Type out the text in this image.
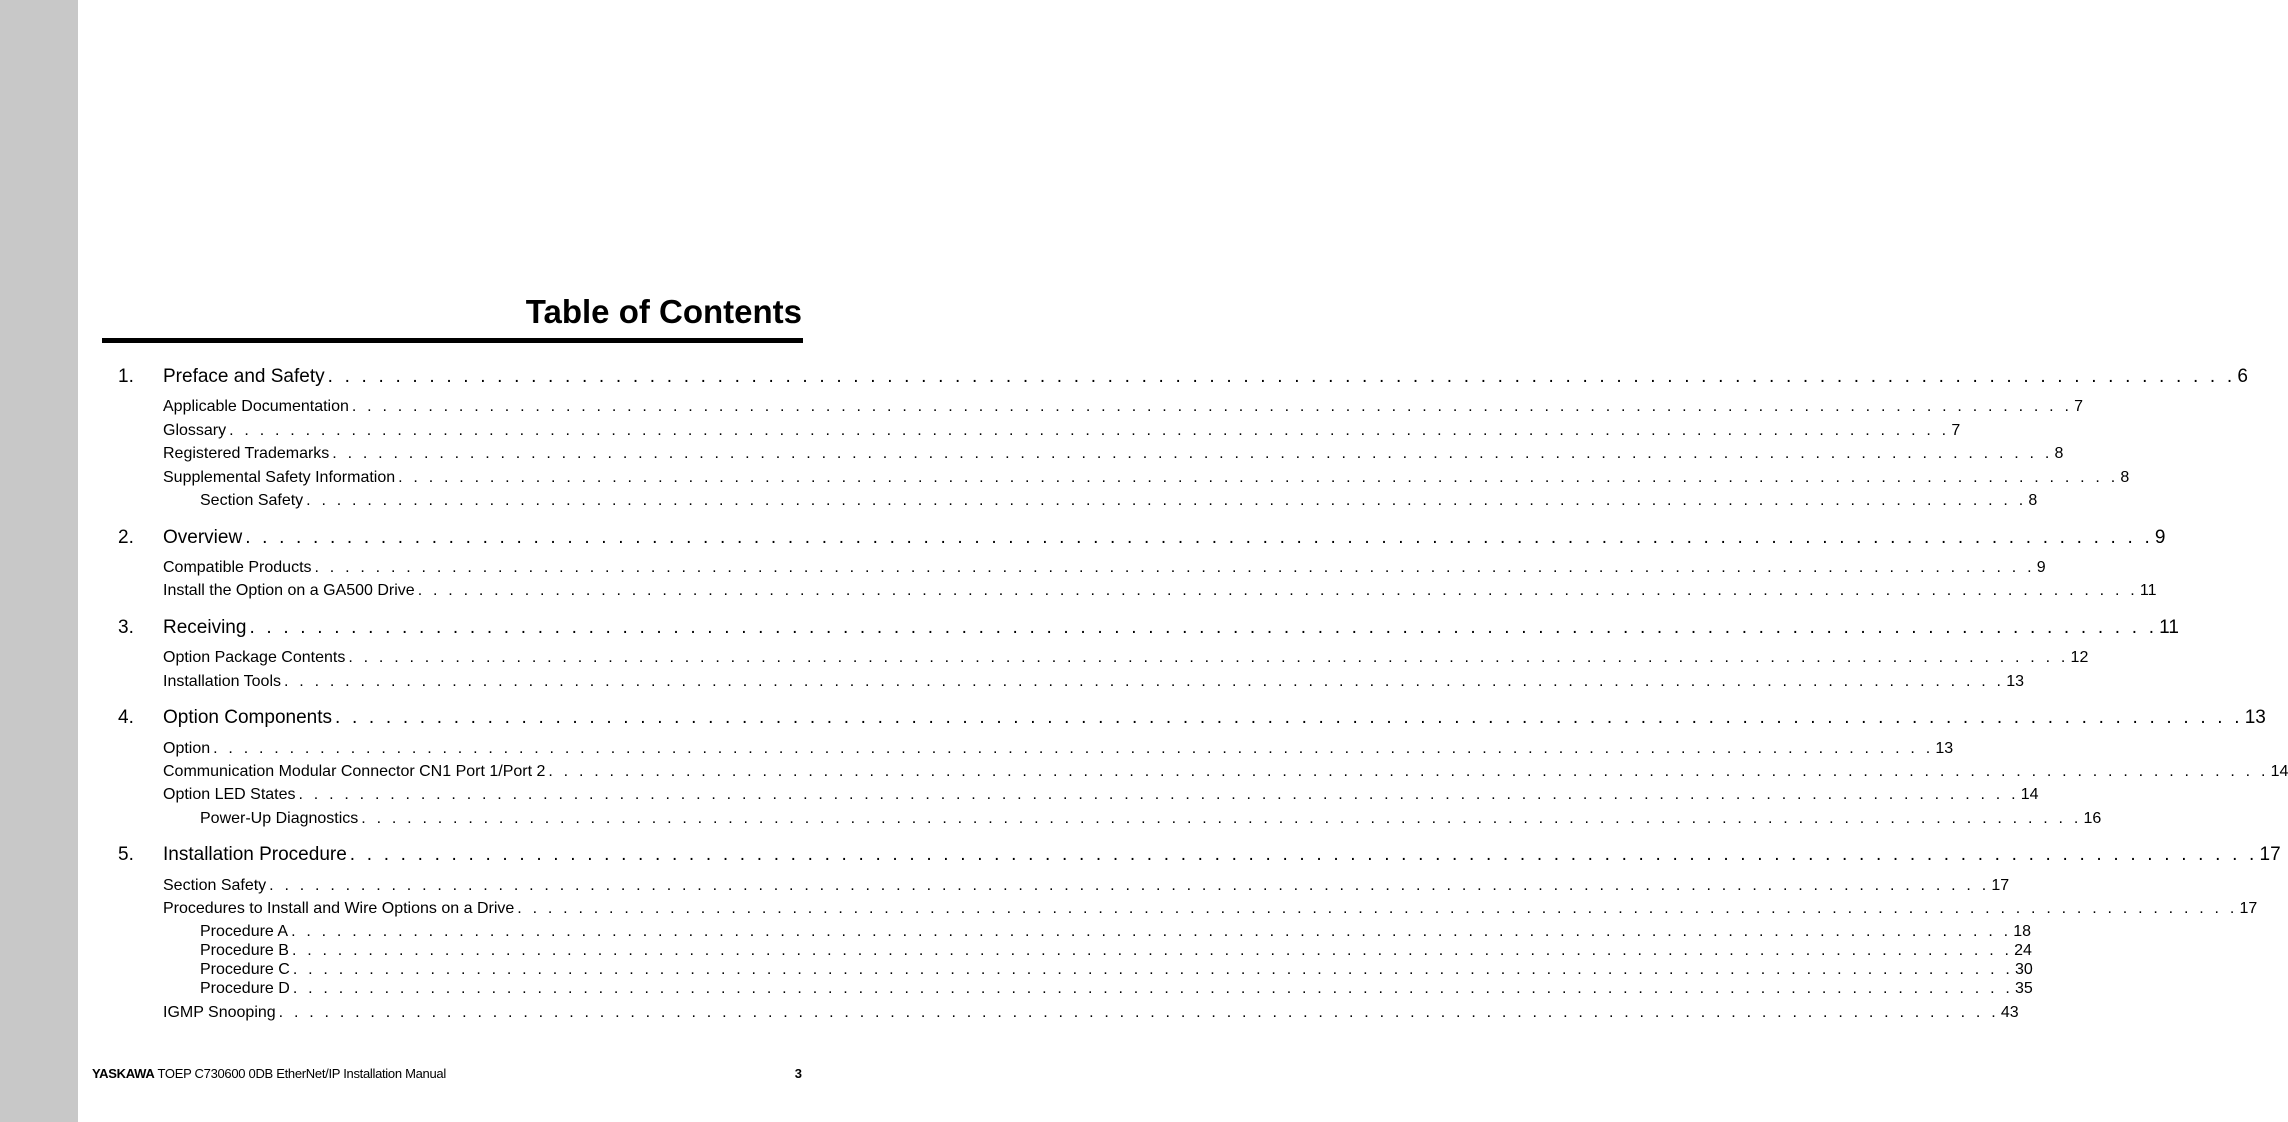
Table of Contents
1. Preface and Safety . . . . . . . . . . . . . . . . . . . . . . . . . . . . . . . . . . . . . . . . . . . . . . . . . . . . . . . . . . . . . . . . . . . . . . . . . . . . . . . . . . . . . . . . . . . . . . . . . . . . . . . . . . . . . . . . . 6
Applicable Documentation . . . . . . . . . . . . . . . . . . . . . . . . . . . . . . . . . . . . . . . . . . . . . . . . . . . . . . . . . . . . . . . . . . . . . . . . . . . . . . . . . . . . . . . . . . . . . . . . . . . . . . . . . . . . . . . . . 7
Glossary . . . . . . . . . . . . . . . . . . . . . . . . . . . . . . . . . . . . . . . . . . . . . . . . . . . . . . . . . . . . . . . . . . . . . . . . . . . . . . . . . . . . . . . . . . . . . . . . . . . . . . . . . . . . . . . . . 7
Registered Trademarks . . . . . . . . . . . . . . . . . . . . . . . . . . . . . . . . . . . . . . . . . . . . . . . . . . . . . . . . . . . . . . . . . . . . . . . . . . . . . . . . . . . . . . . . . . . . . . . . . . . . . . . . . . . . . . . . . 8
Supplemental Safety Information . . . . . . . . . . . . . . . . . . . . . . . . . . . . . . . . . . . . . . . . . . . . . . . . . . . . . . . . . . . . . . . . . . . . . . . . . . . . . . . . . . . . . . . . . . . . . . . . . . . . . . . . . . . . . . . . . 8
Section Safety . . . . . . . . . . . . . . . . . . . . . . . . . . . . . . . . . . . . . . . . . . . . . . . . . . . . . . . . . . . . . . . . . . . . . . . . . . . . . . . . . . . . . . . . . . . . . . . . . . . . . . . . . . . . . . . . . 8
2. Overview . . . . . . . . . . . . . . . . . . . . . . . . . . . . . . . . . . . . . . . . . . . . . . . . . . . . . . . . . . . . . . . . . . . . . . . . . . . . . . . . . . . . . . . . . . . . . . . . . . . . . . . . . . . . . . . . . 9
Compatible Products . . . . . . . . . . . . . . . . . . . . . . . . . . . . . . . . . . . . . . . . . . . . . . . . . . . . . . . . . . . . . . . . . . . . . . . . . . . . . . . . . . . . . . . . . . . . . . . . . . . . . . . . . . . . . . . . . 9
Install the Option on a GA500 Drive . . . . . . . . . . . . . . . . . . . . . . . . . . . . . . . . . . . . . . . . . . . . . . . . . . . . . . . . . . . . . . . . . . . . . . . . . . . . . . . . . . . . . . . . . . . . . . . . . . . . . . . . . . . . . . . . . 11
3. Receiving . . . . . . . . . . . . . . . . . . . . . . . . . . . . . . . . . . . . . . . . . . . . . . . . . . . . . . . . . . . . . . . . . . . . . . . . . . . . . . . . . . . . . . . . . . . . . . . . . . . . . . . . . . . . . . . . . 11
Option Package Contents . . . . . . . . . . . . . . . . . . . . . . . . . . . . . . . . . . . . . . . . . . . . . . . . . . . . . . . . . . . . . . . . . . . . . . . . . . . . . . . . . . . . . . . . . . . . . . . . . . . . . . . . . . . . . . . . . 12
Installation Tools . . . . . . . . . . . . . . . . . . . . . . . . . . . . . . . . . . . . . . . . . . . . . . . . . . . . . . . . . . . . . . . . . . . . . . . . . . . . . . . . . . . . . . . . . . . . . . . . . . . . . . . . . . . . . . . . . 13
4. Option Components . . . . . . . . . . . . . . . . . . . . . . . . . . . . . . . . . . . . . . . . . . . . . . . . . . . . . . . . . . . . . . . . . . . . . . . . . . . . . . . . . . . . . . . . . . . . . . . . . . . . . . . . . . . . . . . . . 13
Option . . . . . . . . . . . . . . . . . . . . . . . . . . . . . . . . . . . . . . . . . . . . . . . . . . . . . . . . . . . . . . . . . . . . . . . . . . . . . . . . . . . . . . . . . . . . . . . . . . . . . . . . . . . . . . . . . 13
Communication Modular Connector CN1 Port 1/Port 2 . . . . . . . . . . . . . . . . . . . . . . . . . . . . . . . . . . . . . . . . . . . . . . . . . . . . . . . . . . . . . . . . . . . . . . . . . . . . . . . . . . . . . . . . . . . . . . . . . . . . . . . . . . . . . . . . . 14
Option LED States . . . . . . . . . . . . . . . . . . . . . . . . . . . . . . . . . . . . . . . . . . . . . . . . . . . . . . . . . . . . . . . . . . . . . . . . . . . . . . . . . . . . . . . . . . . . . . . . . . . . . . . . . . . . . . . . . 14
Power-Up Diagnostics . . . . . . . . . . . . . . . . . . . . . . . . . . . . . . . . . . . . . . . . . . . . . . . . . . . . . . . . . . . . . . . . . . . . . . . . . . . . . . . . . . . . . . . . . . . . . . . . . . . . . . . . . . . . . . . . . 16
5. Installation Procedure . . . . . . . . . . . . . . . . . . . . . . . . . . . . . . . . . . . . . . . . . . . . . . . . . . . . . . . . . . . . . . . . . . . . . . . . . . . . . . . . . . . . . . . . . . . . . . . . . . . . . . . . . . . . . . . . . 17
Section Safety . . . . . . . . . . . . . . . . . . . . . . . . . . . . . . . . . . . . . . . . . . . . . . . . . . . . . . . . . . . . . . . . . . . . . . . . . . . . . . . . . . . . . . . . . . . . . . . . . . . . . . . . . . . . . . . . . 17
Procedures to Install and Wire Options on a Drive . . . . . . . . . . . . . . . . . . . . . . . . . . . . . . . . . . . . . . . . . . . . . . . . . . . . . . . . . . . . . . . . . . . . . . . . . . . . . . . . . . . . . . . . . . . . . . . . . . . . . . . . . . . . . . . . . 17
Procedure A . . . . . . . . . . . . . . . . . . . . . . . . . . . . . . . . . . . . . . . . . . . . . . . . . . . . . . . . . . . . . . . . . . . . . . . . . . . . . . . . . . . . . . . . . . . . . . . . . . . . . . . . . . . . . . . . . 18
Procedure B . . . . . . . . . . . . . . . . . . . . . . . . . . . . . . . . . . . . . . . . . . . . . . . . . . . . . . . . . . . . . . . . . . . . . . . . . . . . . . . . . . . . . . . . . . . . . . . . . . . . . . . . . . . . . . . . . 24
Procedure C . . . . . . . . . . . . . . . . . . . . . . . . . . . . . . . . . . . . . . . . . . . . . . . . . . . . . . . . . . . . . . . . . . . . . . . . . . . . . . . . . . . . . . . . . . . . . . . . . . . . . . . . . . . . . . . . . 30
Procedure D . . . . . . . . . . . . . . . . . . . . . . . . . . . . . . . . . . . . . . . . . . . . . . . . . . . . . . . . . . . . . . . . . . . . . . . . . . . . . . . . . . . . . . . . . . . . . . . . . . . . . . . . . . . . . . . . . 35
IGMP Snooping . . . . . . . . . . . . . . . . . . . . . . . . . . . . . . . . . . . . . . . . . . . . . . . . . . . . . . . . . . . . . . . . . . . . . . . . . . . . . . . . . . . . . . . . . . . . . . . . . . . . . . . . . . . . . . . . . 43
YASKAWA TOEP C730600 0DB EtherNet/IP Installation Manual	3
